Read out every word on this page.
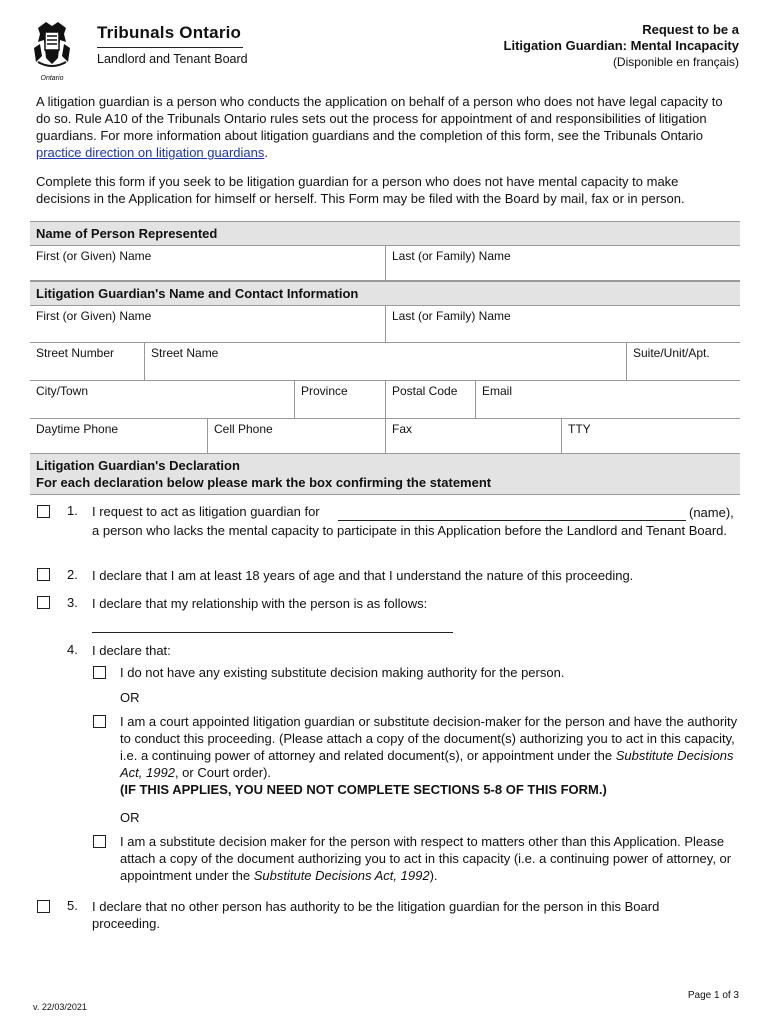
Ontario
Tribunals Ontario
Landlord and Tenant Board
Request to be a
Litigation Guardian: Mental Incapacity
(Disponible en français)
A litigation guardian is a person who conducts the application on behalf of a person who does not have legal capacity to do so. Rule A10 of the Tribunals Ontario rules sets out the process for appointment of and responsibilities of litigation guardians. For more information about litigation guardians and the completion of this form, see the Tribunals Ontario practice direction on litigation guardians.
Complete this form if you seek to be litigation guardian for a person who does not have mental capacity to make decisions in the Application for himself or herself. This Form may be filed with the Board by mail, fax or in person.
Name of Person Represented
First (or Given) Name	Last (or Family) Name
Litigation Guardian's Name and Contact Information
First (or Given) Name	Last (or Family) Name
Street Number	Street Name	Suite/Unit/Apt.
City/Town	Province	Postal Code	Email
Daytime Phone	Cell Phone	Fax	TTY
Litigation Guardian's Declaration
For each declaration below please mark the box confirming the statement
1. I request to act as litigation guardian for	(name),
a person who lacks the mental capacity to participate in this Application before the Landlord and Tenant Board.
2. I declare that I am at least 18 years of age and that I understand the nature of this proceeding.
3. I declare that my relationship with the person is as follows:
4. I declare that:
I do not have any existing substitute decision making authority for the person.
OR
I am a court appointed litigation guardian or substitute decision-maker for the person and have the authority to conduct this proceeding. (Please attach a copy of the document(s) authorizing you to act in this capacity, i.e. a continuing power of attorney and related document(s), or appointment under the Substitute Decisions Act, 1992, or Court order).
(IF THIS APPLIES, YOU NEED NOT COMPLETE SECTIONS 5-8 OF THIS FORM.)
OR
I am a substitute decision maker for the person with respect to matters other than this Application. Please attach a copy of the document authorizing you to act in this capacity (i.e. a continuing power of attorney, or appointment under the Substitute Decisions Act, 1992).
5. I declare that no other person has authority to be the litigation guardian for the person in this Board proceeding.
v. 22/03/2021
Page 1 of 3
